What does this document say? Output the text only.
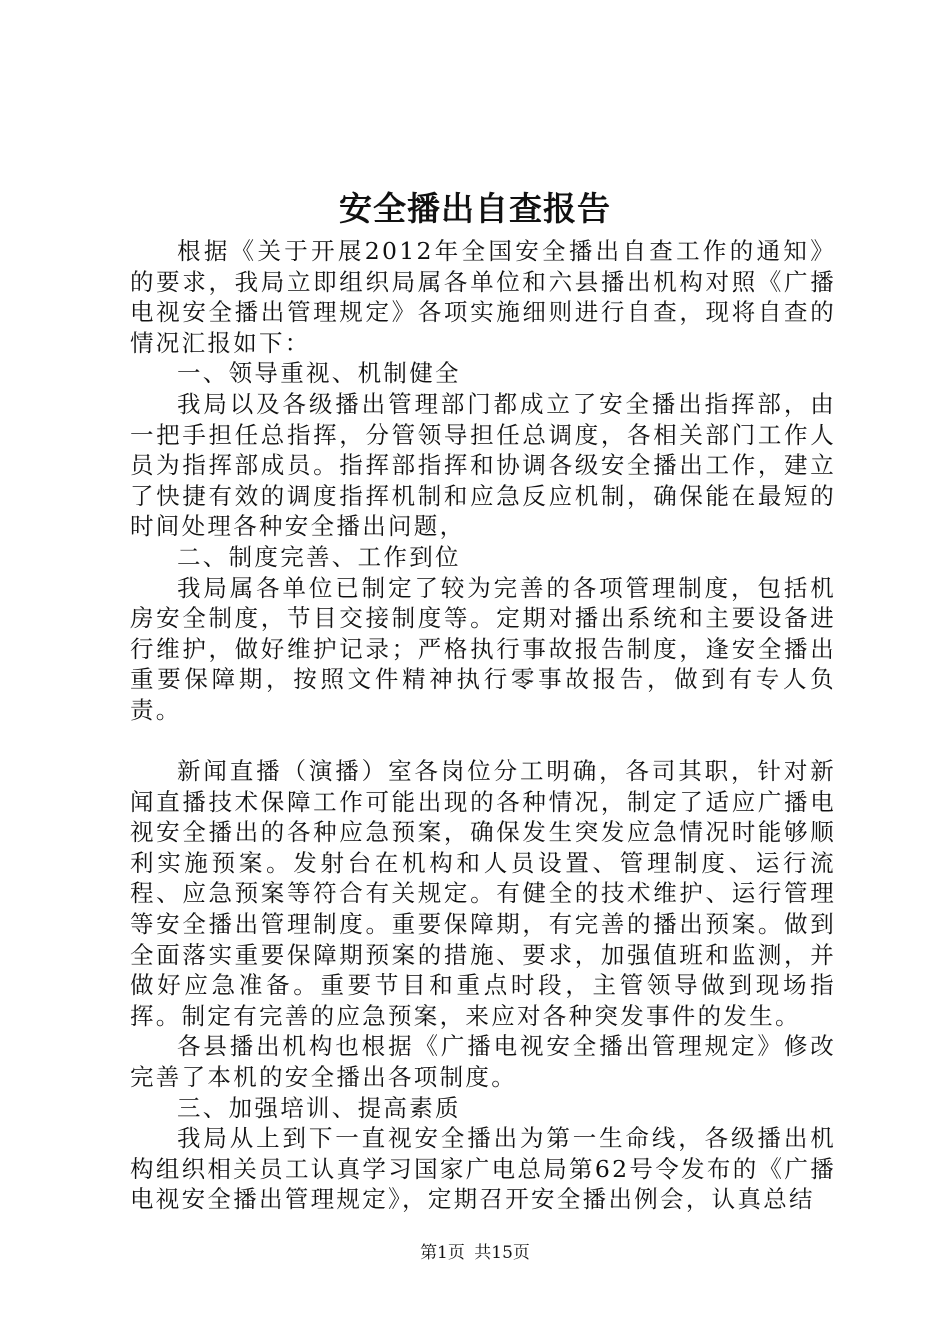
安全播出自查报告

根据《关于开展2012年全国安全播出自查工作的通知》的要求，我局立即组织局属各单位和六县播出机构对照《广播电视安全播出管理规定》各项实施细则进行自查，现将自查的情况汇报如下：

一、领导重视、机制健全

我局以及各级播出管理部门都成立了安全播出指挥部，由一把手担任总指挥，分管领导担任总调度，各相关部门工作人员为指挥部成员。指挥部指挥和协调各级安全播出工作，建立了快捷有效的调度指挥机制和应急反应机制，确保能在最短的时间处理各种安全播出问题，

二、制度完善、工作到位

我局属各单位已制定了较为完善的各项管理制度，包括机房安全制度，节目交接制度等。定期对播出系统和主要设备进行维护，做好维护记录；严格执行事故报告制度，逢安全播出重要保障期，按照文件精神执行零事故报告，做到有专人负责。

新闻直播（演播）室各岗位分工明确，各司其职，针对新闻直播技术保障工作可能出现的各种情况，制定了适应广播电视安全播出的各种应急预案，确保发生突发应急情况时能够顺利实施预案。发射台在机构和人员设置、管理制度、运行流程、应急预案等符合有关规定。有健全的技术维护、运行管理等安全播出管理制度。重要保障期，有完善的播出预案。做到全面落实重要保障期预案的措施、要求，加强值班和监测，并做好应急准备。重要节目和重点时段，主管领导做到现场指挥。制定有完善的应急预案，来应对各种突发事件的发生。

各县播出机构也根据《广播电视安全播出管理规定》修改完善了本机的安全播出各项制度。

三、加强培训、提高素质

我局从上到下一直视安全播出为第一生命线，各级播出机构组织相关员工认真学习国家广电总局第62号令发布的《广播电视安全播出管理规定》，定期召开安全播出例会，认真总结

第1页 共15页
